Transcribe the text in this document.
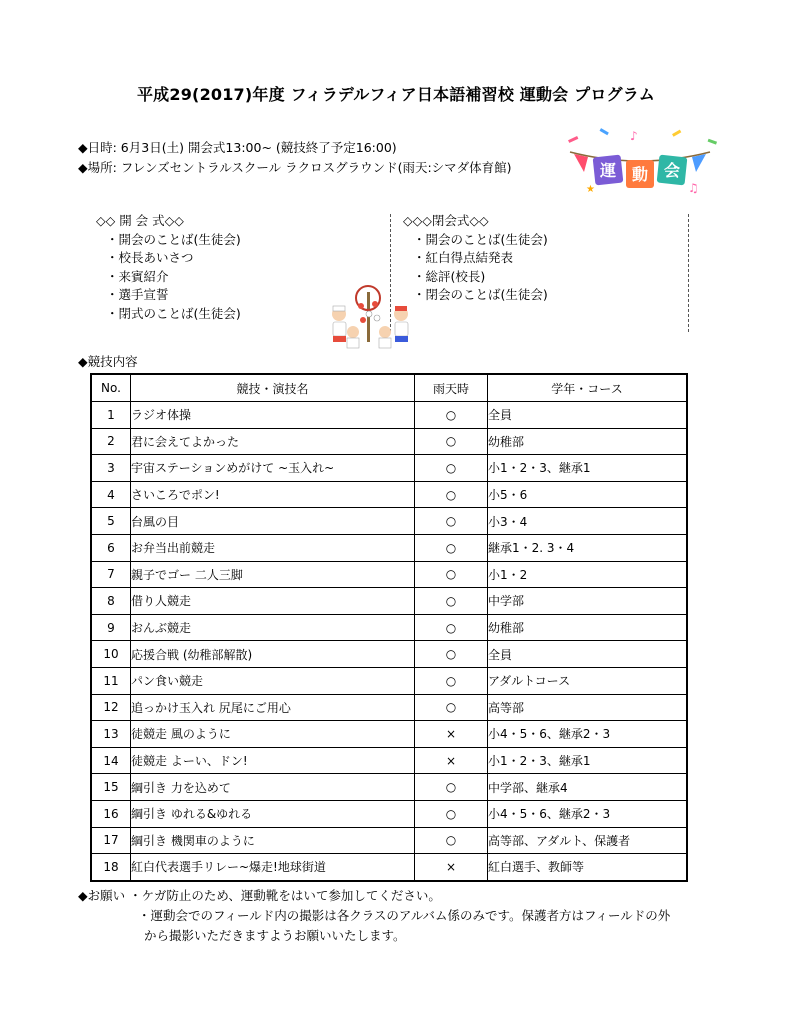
平成29(2017)年度 フィラデルフィア日本語補習校 運動会 プログラム
◆日時: 6月3日(土) 開会式13:00~ (競技終了予定16:00)
◆場所: フレンズセントラルスクール ラクロスグラウンド(雨天:シマダ体育館)
♪
♫
★
運 動 会
◇◇ 開 会 式◇◇
・開会のことば(生徒会)
・校長あいさつ
・来賓紹介
・選手宣誓
・閉式のことば(生徒会)
◇◇◇閉会式◇◇
・開会のことば(生徒会)
・紅白得点結発表
・総評(校長)
・閉会のことば(生徒会)
◆競技内容
No.	競技・演技名	雨天時	学年・コース
1	ラジオ体操	○	全員
2	君に会えてよかった	○	幼稚部
3	宇宙ステーションめがけて ~玉入れ~	○	小1・2・3、継承1
4	さいころでポン!	○	小5・6
5	台風の目	○	小3・4
6	お弁当出前競走	○	継承1・2. 3・4
7	親子でゴー 二人三脚	○	小1・2
8	借り人競走	○	中学部
9	おんぶ競走	○	幼稚部
10	応援合戦 (幼稚部解散)	○	全員
11	パン食い競走	○	アダルトコース
12	追っかけ玉入れ 尻尾にご用心	○	高等部
13	徒競走 風のように	×	小4・5・6、継承2・3
14	徒競走 よーい、ドン!	×	小1・2・3、継承1
15	綱引き 力を込めて	○	中学部、継承4
16	綱引き ゆれる&ゆれる	○	小4・5・6、継承2・3
17	綱引き 機関車のように	○	高等部、アダルト、保護者
18	紅白代表選手リレー~爆走!地球街道	×	紅白選手、教師等
◆お願い ・ケガ防止のため、運動靴をはいて参加してください。
・運動会でのフィールド内の撮影は各クラスのアルバム係のみです。保護者方はフィールドの外
から撮影いただきますようお願いいたします。
